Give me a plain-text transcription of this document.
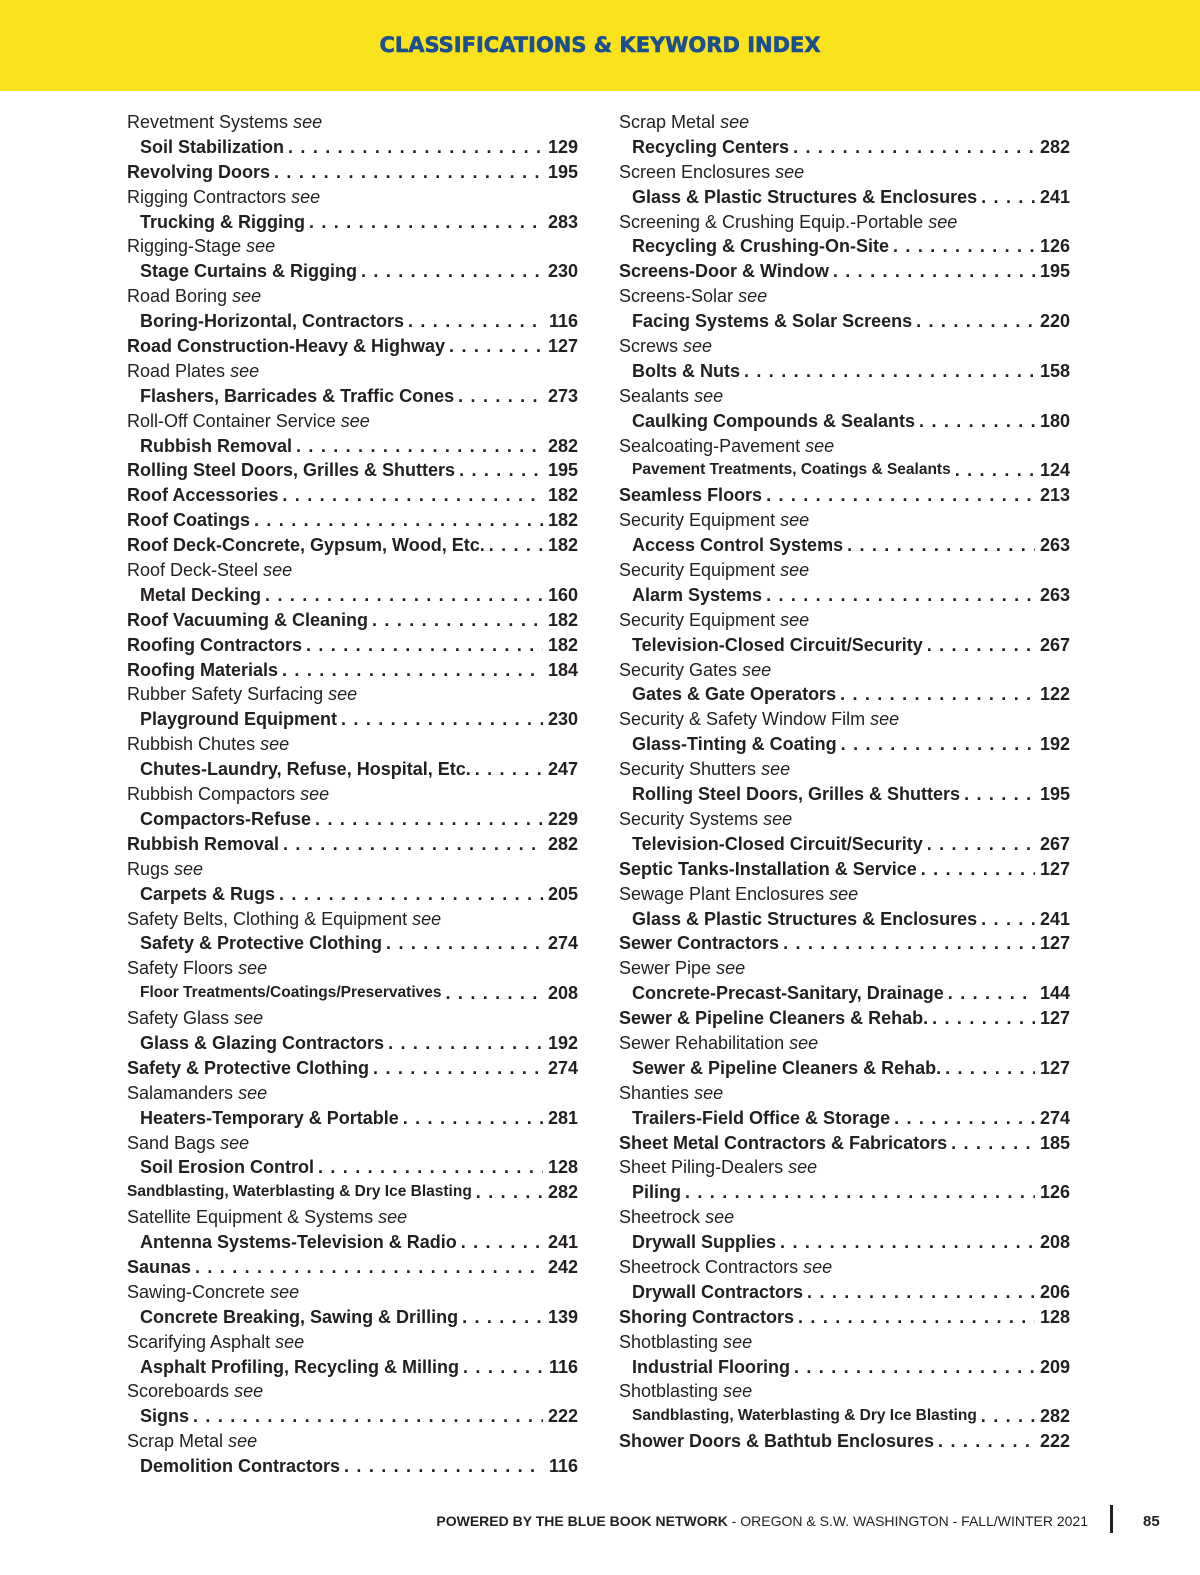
CLASSIFICATIONS & KEYWORD INDEX
Revetment Systems see
Soil Stabilization . . .	129
Revolving Doors . . .	195
Rigging Contractors see
Trucking & Rigging . . .	283
Rigging-Stage see
Stage Curtains & Rigging . . .	230
Road Boring see
Boring-Horizontal, Contractors . . .	116
Road Construction-Heavy & Highway . . .	127
Road Plates see
Flashers, Barricades & Traffic Cones . . .	273
Roll-Off Container Service see
Rubbish Removal . . .	282
Rolling Steel Doors, Grilles & Shutters . . .	195
Roof Accessories . . .	182
Roof Coatings . . .	182
Roof Deck-Concrete, Gypsum, Wood, Etc. . . .	182
Roof Deck-Steel see
Metal Decking . . .	160
Roof Vacuuming & Cleaning . . .	182
Roofing Contractors . . .	182
Roofing Materials . . .	184
Rubber Safety Surfacing see
Playground Equipment . . .	230
Rubbish Chutes see
Chutes-Laundry, Refuse, Hospital, Etc. . . .	247
Rubbish Compactors see
Compactors-Refuse . . .	229
Rubbish Removal . . .	282
Rugs see
Carpets & Rugs . . .	205
Safety Belts, Clothing & Equipment see
Safety & Protective Clothing . . .	274
Safety Floors see
Floor Treatments/Coatings/Preservatives . . .	208
Safety Glass see
Glass & Glazing Contractors . . .	192
Safety & Protective Clothing . . .	274
Salamanders see
Heaters-Temporary & Portable . . .	281
Sand Bags see
Soil Erosion Control . . .	128
Sandblasting, Waterblasting & Dry Ice Blasting . . .	282
Satellite Equipment & Systems see
Antenna Systems-Television & Radio . . .	241
Saunas . . .	242
Sawing-Concrete see
Concrete Breaking, Sawing & Drilling . . .	139
Scarifying Asphalt see
Asphalt Profiling, Recycling & Milling . . .	116
Scoreboards see
Signs . . .	222
Scrap Metal see
Demolition Contractors . . .	116
Scrap Metal see
Recycling Centers . . .	282
Screen Enclosures see
Glass & Plastic Structures & Enclosures . . .	241
Screening & Crushing Equip.-Portable see
Recycling & Crushing-On-Site . . .	126
Screens-Door & Window . . .	195
Screens-Solar see
Facing Systems & Solar Screens . . .	220
Screws see
Bolts & Nuts . . .	158
Sealants see
Caulking Compounds & Sealants . . .	180
Sealcoating-Pavement see
Pavement Treatments, Coatings & Sealants . . .	124
Seamless Floors . . .	213
Security Equipment see
Access Control Systems . . .	263
Security Equipment see
Alarm Systems . . .	263
Security Equipment see
Television-Closed Circuit/Security . . .	267
Security Gates see
Gates & Gate Operators . . .	122
Security & Safety Window Film see
Glass-Tinting & Coating . . .	192
Security Shutters see
Rolling Steel Doors, Grilles & Shutters . . .	195
Security Systems see
Television-Closed Circuit/Security . . .	267
Septic Tanks-Installation & Service . . .	127
Sewage Plant Enclosures see
Glass & Plastic Structures & Enclosures . . .	241
Sewer Contractors . . .	127
Sewer Pipe see
Concrete-Precast-Sanitary, Drainage . . .	144
Sewer & Pipeline Cleaners & Rehab. . . .	127
Sewer Rehabilitation see
Sewer & Pipeline Cleaners & Rehab. . . .	127
Shanties see
Trailers-Field Office & Storage . . .	274
Sheet Metal Contractors & Fabricators . . .	185
Sheet Piling-Dealers see
Piling . . .	126
Sheetrock see
Drywall Supplies . . .	208
Sheetrock Contractors see
Drywall Contractors . . .	206
Shoring Contractors . . .	128
Shotblasting see
Industrial Flooring . . .	209
Shotblasting see
Sandblasting, Waterblasting & Dry Ice Blasting . . .	282
Shower Doors & Bathtub Enclosures . . .	222
POWERED BY THE BLUE BOOK NETWORK - OREGON & S.W. WASHINGTON - FALL/WINTER 2021	85
